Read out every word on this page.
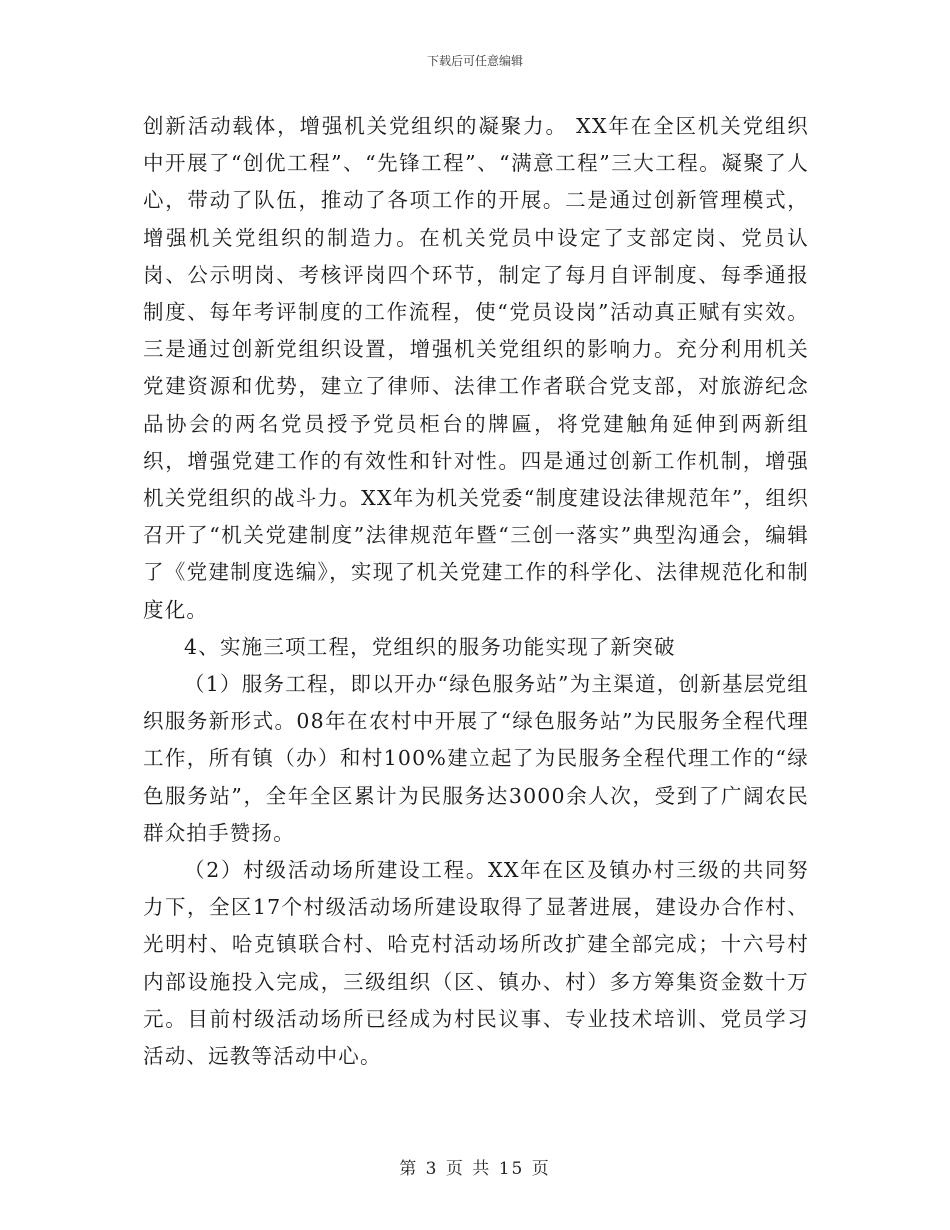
下载后可任意编辑

创新活动载体，增强机关党组织的凝聚力。 XX年在全区机关党组织中开展了“创优工程”、“先锋工程”、“满意工程”三大工程。凝聚了人心，带动了队伍，推动了各项工作的开展。二是通过创新管理模式，增强机关党组织的制造力。在机关党员中设定了支部定岗、党员认岗、公示明岗、考核评岗四个环节，制定了每月自评制度、每季通报制度、每年考评制度的工作流程，使“党员设岗”活动真正赋有实效。三是通过创新党组织设置，增强机关党组织的影响力。充分利用机关党建资源和优势，建立了律师、法律工作者联合党支部，对旅游纪念品协会的两名党员授予党员柜台的牌匾，将党建触角延伸到两新组织，增强党建工作的有效性和针对性。四是通过创新工作机制，增强机关党组织的战斗力。XX年为机关党委“制度建设法律规范年”，组织召开了“机关党建制度”法律规范年暨“三创一落实”典型沟通会，编辑了《党建制度选编》，实现了机关党建工作的科学化、法律规范化和制度化。

4、实施三项工程，党组织的服务功能实现了新突破

（1）服务工程，即以开办“绿色服务站”为主渠道，创新基层党组织服务新形式。08年在农村中开展了“绿色服务站”为民服务全程代理工作，所有镇（办）和村100%建立起了为民服务全程代理工作的“绿色服务站”，全年全区累计为民服务达3000余人次，受到了广阔农民群众拍手赞扬。

（2）村级活动场所建设工程。XX年在区及镇办村三级的共同努力下，全区17个村级活动场所建设取得了显著进展，建设办合作村、光明村、哈克镇联合村、哈克村活动场所改扩建全部完成；十六号村内部设施投入完成，三级组织（区、镇办、村）多方筹集资金数十万元。目前村级活动场所已经成为村民议事、专业技术培训、党员学习活动、远教等活动中心。

第 3 页 共 15 页
